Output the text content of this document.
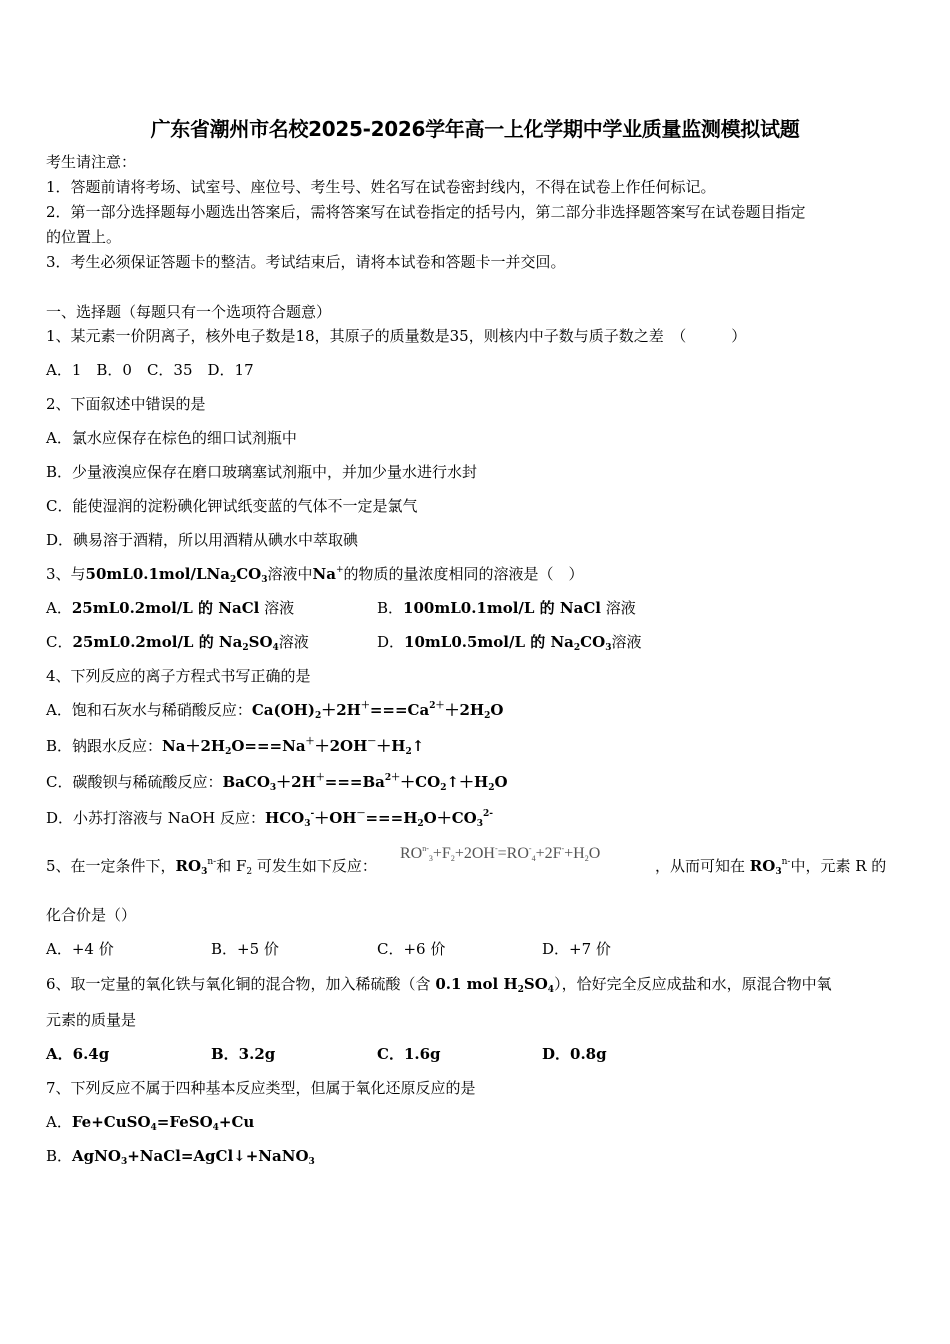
广东省潮州市名校2025-2026学年高一上化学期中学业质量监测模拟试题
考生请注意：
1．答题前请将考场、试室号、座位号、考生号、姓名写在试卷密封线内，不得在试卷上作任何标记。
2．第一部分选择题每小题选出答案后，需将答案写在试卷指定的括号内，第二部分非选择题答案写在试卷题目指定
的位置上。
3．考生必须保证答题卡的整洁。考试结束后，请将本试卷和答题卡一并交回。
一、选择题（每题只有一个选项符合题意）
1、某元素一价阴离子，核外电子数是18，其原子的质量数是35，则核内中子数与质子数之差　（　　　）
A．1　B．0　C．35　D．17
2、下面叙述中错误的是
A．氯水应保存在棕色的细口试剂瓶中
B．少量液溴应保存在磨口玻璃塞试剂瓶中，并加少量水进行水封
C．能使湿润的淀粉碘化钾试纸变蓝的气体不一定是氯气
D．碘易溶于酒精，所以用酒精从碘水中萃取碘
3、与$50mL0.1mol/LNa_2CO_3$溶液中Na+的物质的量浓度相同的溶液是（　）
A．25mL0.2mol/L 的 NaCl 溶液	B．100mL0.1mol/L 的 NaCl 溶液
C．25mL0.2mol/L 的 $Na_2SO_4$溶液	D．10mL0.5mol/L 的 $Na_2CO_3$溶液
4、下列反应的离子方程式书写正确的是
A．饱和石灰水与稀硝酸反应：$Ca(OH)_2+2H^+===Ca^{2+}+2H_2O$
B．钠跟水反应：$Na+2H_2O===Na^++2OH^-+H_2↑$
C．碳酸钡与稀硫酸反应：$BaCO_3+2H^+===Ba^{2+}+CO_2↑+H_2O$
D．小苏打溶液与 NaOH 反应：$HCO_3^-+OH^-===H_2O+CO_3^{2-}$
5、在一定条件下，$RO_3^{n-}$和 $F_2$ 可发生如下反应：
$RO^{n-}_3+F_2+2OH^-=RO^-_4+2F^-+H_2O$
，从而可知在 $RO_3^{n-}$中，元素 R 的
化合价是（）
A．+4 价	B．+5 价	C．+6 价	D．+7 价
6、取一定量的氧化铁与氧化铜的混合物，加入稀硫酸（含 0.1 mol $H_2SO_4$），恰好完全反应成盐和水，原混合物中氧
元素的质量是
A．6.4g	B．3.2g	C．1.6g	D．0.8g
7、下列反应不属于四种基本反应类型，但属于氧化还原反应的是
A．Fe+CuSO$_4$=FeSO$_4$+Cu
B．AgNO$_3$+NaCl=AgCl↓+NaNO$_3$
